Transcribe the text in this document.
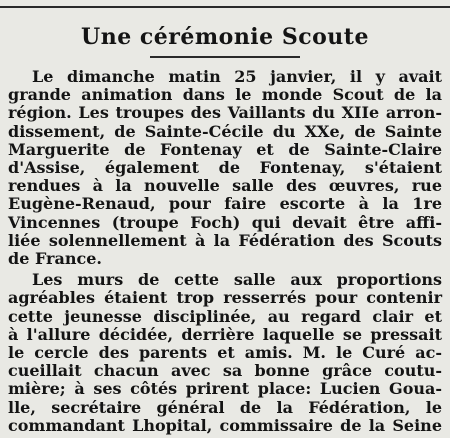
Une cérémonie Scoute
Le dimanche matin 25 janvier, il y avait
grande animation dans le monde Scout de la
région. Les troupes des Vaillants du XIIe arron-
dissement, de Sainte-Cécile du XXe, de Sainte
Marguerite de Fontenay et de Sainte-Claire
d'Assise, également de Fontenay, s'étaient
rendues à la nouvelle salle des œuvres, rue
Eugène-Renaud, pour faire escorte à la 1re
Vincennes (troupe Foch) qui devait être affi-
liée solennellement à la Fédération des Scouts
de France.
Les murs de cette salle aux proportions
agréables étaient trop resserrés pour contenir
cette jeunesse disciplinée, au regard clair et
à l'allure décidée, derrière laquelle se pressait
le cercle des parents et amis. M. le Curé ac-
cueillait chacun avec sa bonne grâce coutu-
mière; à ses côtés prirent place: Lucien Goua-
lle, secrétaire général de la Fédération, le
commandant Lhopital, commissaire de la Seine
